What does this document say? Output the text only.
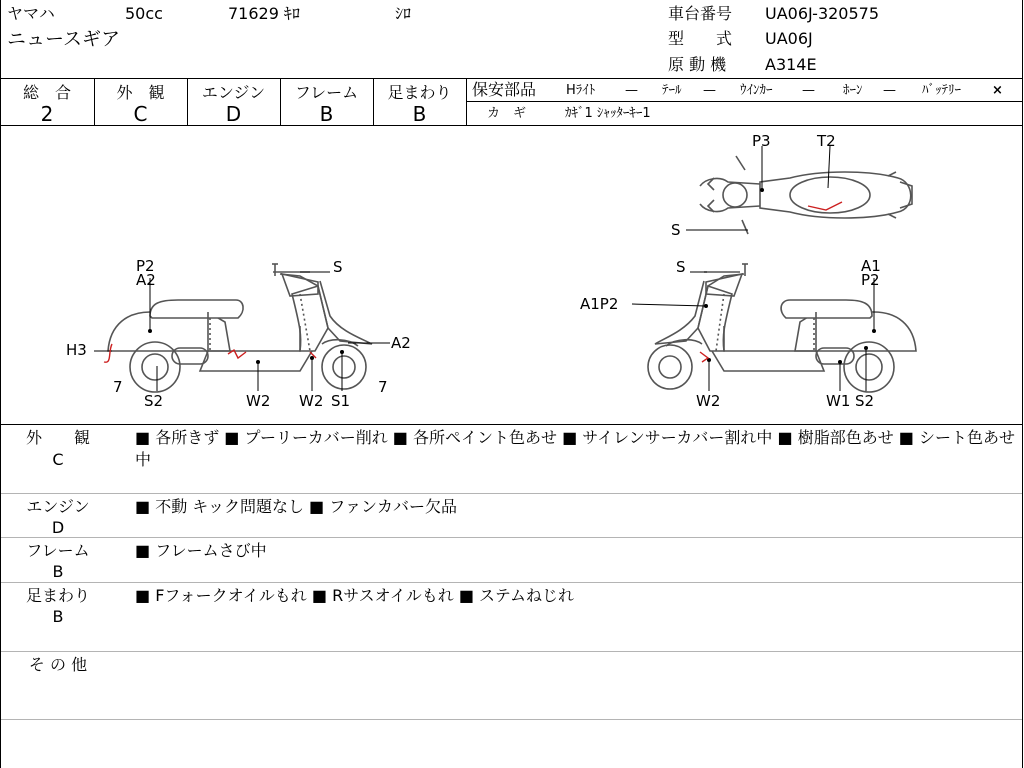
ヤマハ	50cc	71629 ｷﾛ	ｼﾛ
ニュースギア
車台番号 UA06J-320575
型　　式 UA06J
原 動 機 A314E
総　合
2
外　観
C
エンジン
D
フレーム
B
足まわり
B
保安部品 Hﾗｲﾄ — ﾃｰﾙ — ｳｲﾝｶｰ — ﾎｰﾝ — ﾊﾞｯﾃﾘｰ ×
カ　ギ	ｶｷﾞ1 ｼｬｯﾀｰｷｰ1
P2
A2
S
H3	A2
7
S2	W2 W2 S1
7
S	A1
P2
A1P2
W2	W1 S2
P3	T2
S
外　　観
C
■ 各所きず ■ プーリーカバー削れ ■ 各所ペイント色あせ ■ サイレンサーカバー割れ中 ■ 樹脂部色あせ ■ シート色あせ中
エンジン
D
■ 不動 キック問題なし ■ ファンカバー欠品
フレーム
B
■ フレームさび中
足まわり
B
■ Fフォークオイルもれ ■ Rサスオイルもれ ■ ステムねじれ
そ の 他
